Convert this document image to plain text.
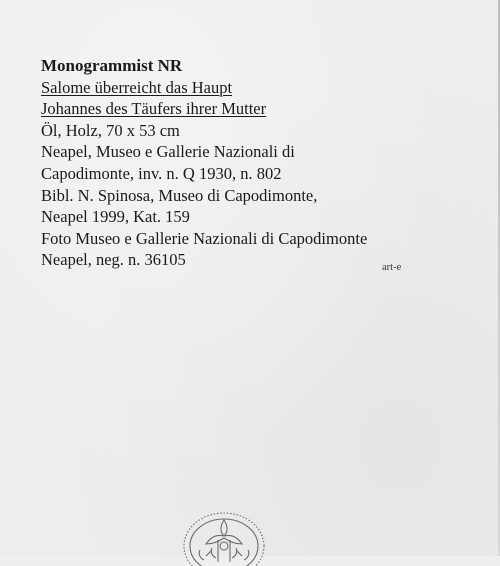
Monogrammist NR
Salome überreicht das Haupt
Johannes des Täufers ihrer Mutter
Öl, Holz, 70 x 53 cm
Neapel, Museo e Gallerie Nazionali di
Capodimonte, inv. n. Q 1930, n. 802
Bibl. N. Spinosa, Museo di Capodimonte,
Neapel 1999, Kat. 159
Foto Museo e Gallerie Nazionali di Capodimonte
Neapel, neg. n. 36105	art-e
